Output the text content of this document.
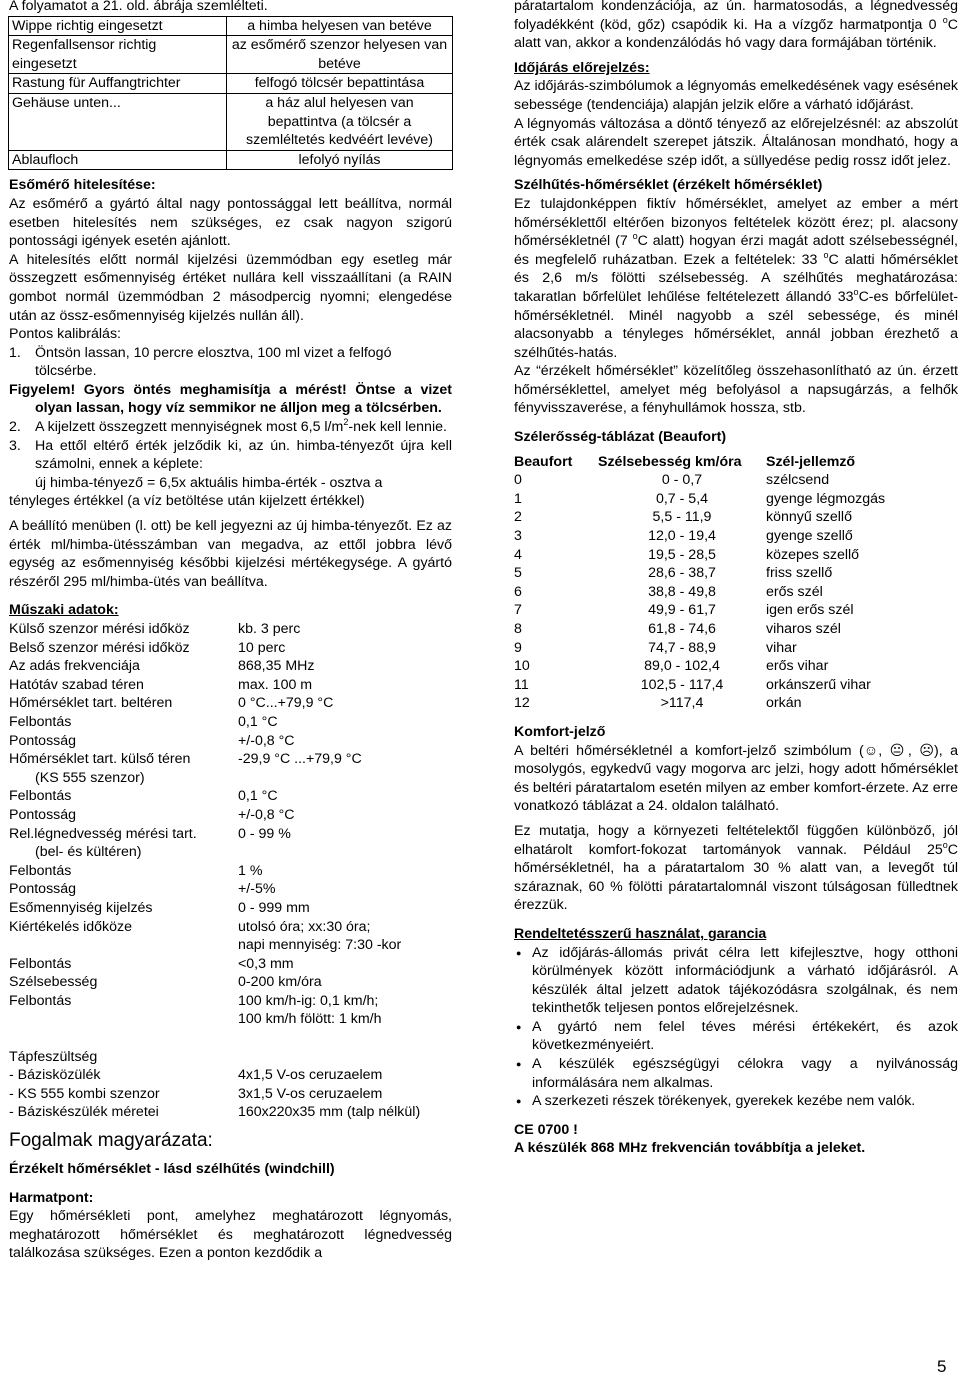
A folyamatot a 21. old. ábrája szemlélteti.

Wippe richtig eingesetzt	a himba helyesen van betéve
Regenfallsensor richtig eingesetzt	az esőmérő szenzor helyesen van betéve
Rastung für Auffangtrichter	felfogó tölcsér bepattintása
Gehäuse unten...	a ház alul helyesen van bepattintva (a tölcsér a szemléltetés kedvéért levéve)
Ablaufloch	lefolyó nyílás

Esőmérő hitelesítése:

Az esőmérő a gyártó által nagy pontossággal lett beállítva, normál esetben hitelesítés nem szükséges, ez csak nagyon szigorú pontossági igények esetén ajánlott.

A hitelesítés előtt normál kijelzési üzemmódban egy esetleg már összegzett esőmennyiség értéket nullára kell visszaállítani (a RAIN gombot normál üzemmódban 2 másodpercig nyomni; elengedése után az össz-esőmennyiség kijelzés nullán áll).

Pontos kalibrálás:

1. Öntsön lassan, 10 percre elosztva, 100 ml vizet a felfogó tölcsérbe.

Figyelem! Gyors öntés meghamisítja a mérést! Öntse a vizet olyan lassan, hogy víz semmikor ne álljon meg a tölcsérben.

2. A kijelzett összegzett mennyiségnek most 6,5 $l/m^2$-nek kell lennie.
3. Ha ettől eltérő érték jelződik ki, az ún. himba-tényezőt újra kell számolni, ennek a képlete:

új himba-tényező = 6,5x aktuális himba-érték - osztva a

tényleges értékkel (a víz betöltése után kijelzett értékkel)

A beállító menüben (l. ott) be kell jegyezni az új himba-tényezőt. Ez az érték ml/himba-ütésszámban van megadva, az ettől jobbra lévő egység az esőmennyiség későbbi kijelzési mértékegysége. A gyártó részéről 295 ml/himba-ütés van beállítva.

Műszaki adatok:

Külső szenzor mérési időköz	kb. 3 perc
Belső szenzor mérési időköz	10 perc
Az adás frekvenciája	868,35 MHz
Hatótáv szabad téren	max. 100 m
Hőmérséklet tart. beltéren	0 °C...+79,9 °C
Felbontás	0,1 °C
Pontosság	+/-0,8 °C
Hőmérséklet tart. külső téren	-29,9 °C ...+79,9 °C
(KS 555 szenzor)
Felbontás	0,1 °C
Pontosság	+/-0,8 °C
Rel.légnedvesség mérési tart.	0 - 99 %
(bel- és kültéren)
Felbontás	1 %
Pontosság	+/-5%
Esőmennyiség kijelzés	0 - 999 mm
Kiértékelés időköze	utolsó óra; xx:30 óra;

napi mennyiség: 7:30 -kor
Felbontás	<0,3 mm
Szélsebesség	0-200 km/óra
Felbontás	100 km/h-ig: 0,1 km/h;

100 km/h fölött: 1 km/h

Tápfeszültség
- Bázisközülék	4x1,5 V-os ceruzaelem
- KS 555 kombi szenzor	3x1,5 V-os ceruzaelem
- Báziskészülék méretei	160x220x35 mm (talp nélkül)

Fogalmak magyarázata:

Érzékelt hőmérséklet - lásd szélhűtés (windchill)

Harmatpont:

Egy hőmérsékleti pont, amelyhez meghatározott légnyomás, meghatározott hőmérséklet és meghatározott légnedvesség találkozása szükséges. Ezen a ponton kezdődik a

páratartalom kondenzációja, az ún. harmatosodás, a légnedvesség folyadékként (köd, gőz) csapódik ki. Ha a vízgőz harmatpontja 0 $^o$C alatt van, akkor a kondenzálódás hó vagy dara formájában történik.

Időjárás előrejelzés:

Az időjárás-szimbólumok a légnyomás emelkedésének vagy esésének sebessége (tendenciája) alapján jelzik előre a várható időjárást.

A légnyomás változása a döntő tényező az előrejelzésnél: az abszolút érték csak alárendelt szerepet játszik. Általánosan mondható, hogy a légnyomás emelkedése szép időt, a süllyedése pedig rossz időt jelez.

Szélhűtés-hőmérséklet (érzékelt hőmérséklet)

Ez tulajdonképpen fiktív hőmérséklet, amelyet az ember a mért hőmérséklettől eltérően bizonyos feltételek között érez; pl. alacsony hőmérsékletnél (7 $^o$C alatt) hogyan érzi magát adott szélsebességnél, és megfelelő ruházatban. Ezek a feltételek: 33 $^o$C alatti hőmérséklet és 2,6 m/s fölötti szélsebesség. A szélhűtés meghatározása: takaratlan bőrfelület lehűlése feltételezett állandó 33$^o$C-es bőrfelület-hőmérsékletnél. Minél nagyobb a szél sebessége, és minél alacsonyabb a tényleges hőmérséklet, annál jobban érezhető a szélhűtés-hatás.

Az “érzékelt hőmérséklet” közelítőleg összehasonlítható az ún. érzett hőmérséklettel, amelyet még befolyásol a napsugárzás, a felhők fényvisszaverése, a fényhullámok hossza, stb.

Szélerősség-táblázat (Beaufort)

Beaufort	Szélsebesség km/óra	Szél-jellemző
0	0 - 0,7	szélcsend
1	0,7 - 5,4	gyenge légmozgás
2	5,5 - 11,9	könnyű szellő
3	12,0 - 19,4	gyenge szellő
4	19,5 - 28,5	közepes szellő
5	28,6 - 38,7	friss szellő
6	38,8 - 49,8	erős szél
7	49,9 - 61,7	igen erős szél
8	61,8 - 74,6	viharos szél
9	74,7 - 88,9	vihar
10	89,0 - 102,4	erős vihar
11	102,5 - 117,4	orkánszerű vihar
12	>117,4	orkán

Komfort-jelző

A beltéri hőmérsékletnél a komfort-jelző szimbólum (☺, 😐, ☹), a mosolygós, egykedvű vagy mogorva arc jelzi, hogy adott hőmérséklet és beltéri páratartalom esetén milyen az ember komfort-érzete. Az erre vonatkozó táblázat a 24. oldalon található.

Ez mutatja, hogy a környezeti feltételektől függően különböző, jól elhatárolt komfort-fokozat tartományok vannak. Például 25$^o$C hőmérsékletnél, ha a páratartalom 30 % alatt van, a levegőt túl száraznak, 60 % fölötti páratartalomnál viszont túlságosan fülledtnek érezzük.

Rendeltetésszerű használat, garancia

● Az időjárás-állomás privát célra lett kifejlesztve, hogy otthoni körülmények között információdjunk a várható időjárásról. A készülék által jelzett adatok tájékozódásra szolgálnak, és nem tekinthetők teljesen pontos előrejelzésnek.
● A gyártó nem felel téves mérési értékekért, és azok következményeiért.
● A készülék egészségügyi célokra vagy a nyilvánosság informálására nem alkalmas.
● A szerkezeti részek törékenyek, gyerekek kezébe nem valók.

CE 0700 !

A készülék 868 MHz frekvencián továbbítja a jeleket.

5
